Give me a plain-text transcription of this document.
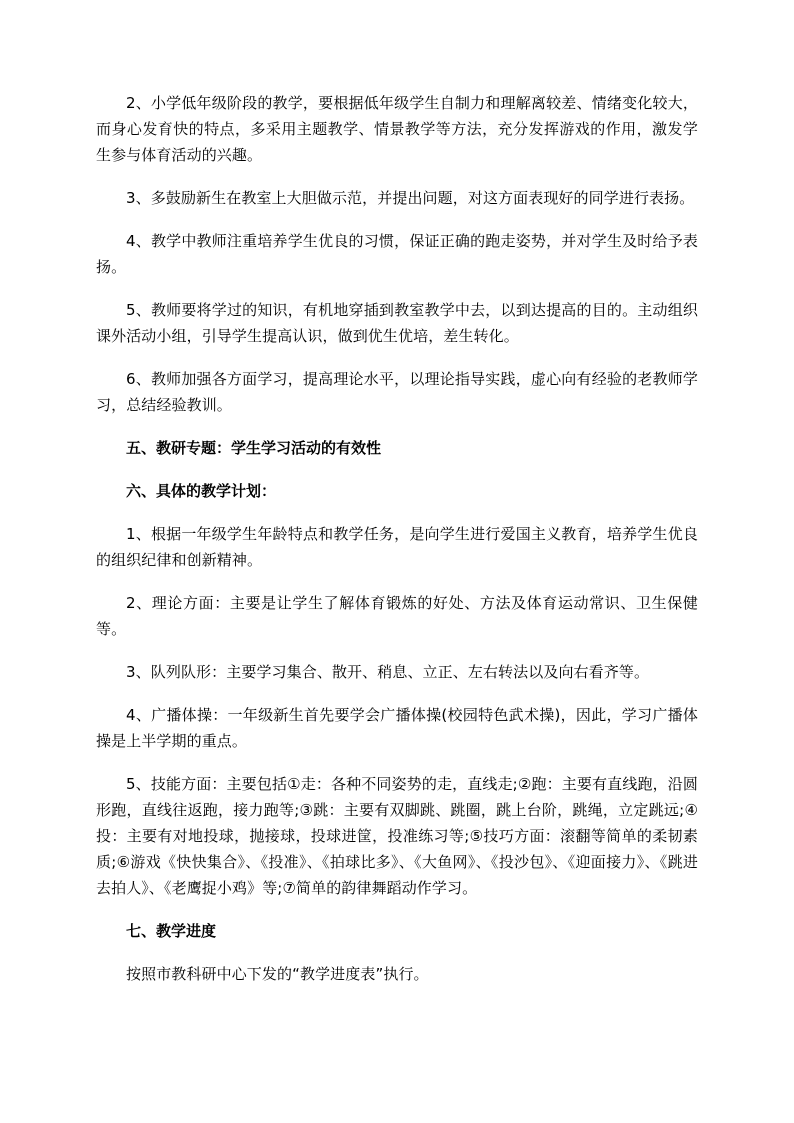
2、小学低年级阶段的教学，要根据低年级学生自制力和理解离较差、情绪变化较大，而身心发育快的特点，多采用主题教学、情景教学等方法，充分发挥游戏的作用，激发学生参与体育活动的兴趣。

3、多鼓励新生在教室上大胆做示范，并提出问题，对这方面表现好的同学进行表扬。

4、教学中教师注重培养学生优良的习惯，保证正确的跑走姿势，并对学生及时给予表扬。

5、教师要将学过的知识，有机地穿插到教室教学中去，以到达提高的目的。主动组织课外活动小组，引导学生提高认识，做到优生优培，差生转化。

6、教师加强各方面学习，提高理论水平，以理论指导实践，虚心向有经验的老教师学习，总结经验教训。

五、教研专题：学生学习活动的有效性

六、具体的教学计划：

1、根据一年级学生年龄特点和教学任务，是向学生进行爱国主义教育，培养学生优良的组织纪律和创新精神。

2、理论方面：主要是让学生了解体育锻炼的好处、方法及体育运动常识、卫生保健等。

3、队列队形：主要学习集合、散开、稍息、立正、左右转法以及向右看齐等。

4、广播体操：一年级新生首先要学会广播体操(校园特色武术操)，因此，学习广播体操是上半学期的重点。

5、技能方面：主要包括①走：各种不同姿势的走，直线走;②跑：主要有直线跑，沿圆形跑，直线往返跑，接力跑等;③跳：主要有双脚跳、跳圈，跳上台阶，跳绳，立定跳远;④投：主要有对地投球，抛接球，投球进筐，投准练习等;⑤技巧方面：滚翻等简单的柔韧素质;⑥游戏《快快集合》、《投准》、《拍球比多》、《大鱼网》、《投沙包》、《迎面接力》、《跳进去拍人》、《老鹰捉小鸡》等;⑦简单的韵律舞蹈动作学习。

七、教学进度

按照市教科研中心下发的“教学进度表”执行。
